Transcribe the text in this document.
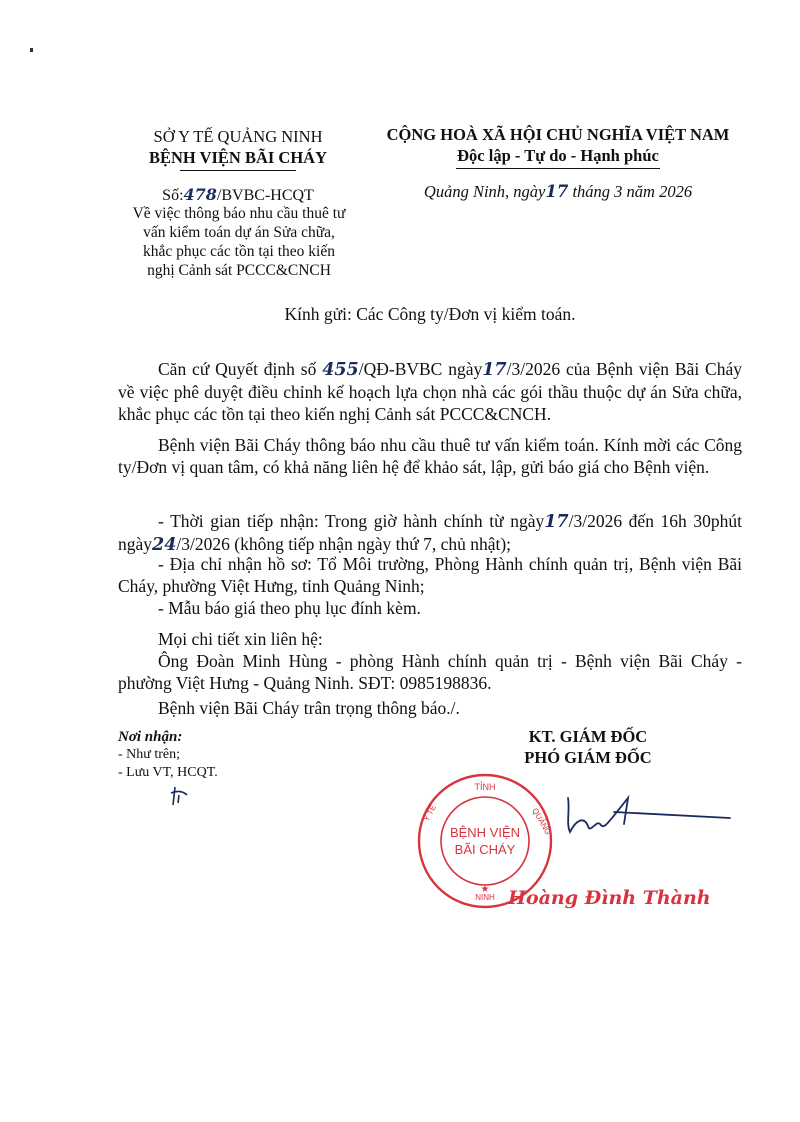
SỞ Y TẾ QUẢNG NINH
BỆNH VIỆN BÃI CHÁY
Số:478/BVBC-HCQT
Về việc thông báo nhu cầu thuê tư vấn kiểm toán dự án Sửa chữa, khắc phục các tồn tại theo kiến nghị Cảnh sát PCCC&CNCH
CỘNG HOÀ XÃ HỘI CHỦ NGHĨA VIỆT NAM
Độc lập - Tự do - Hạnh phúc
Quảng Ninh, ngày17 tháng 3 năm 2026
Kính gửi: Các Công ty/Đơn vị kiểm toán.
Căn cứ Quyết định số 455/QĐ-BVBC ngày17/3/2026 của Bệnh viện Bãi Cháy về việc phê duyệt điều chỉnh kế hoạch lựa chọn nhà các gói thầu thuộc dự án Sửa chữa, khắc phục các tồn tại theo kiến nghị Cảnh sát PCCC&CNCH.
Bệnh viện Bãi Cháy thông báo nhu cầu thuê tư vấn kiểm toán. Kính mời các Công ty/Đơn vị quan tâm, có khả năng liên hệ để khảo sát, lập, gửi báo giá cho Bệnh viện.
- Thời gian tiếp nhận: Trong giờ hành chính từ ngày17/3/2026 đến 16h 30phút ngày24/3/2026 (không tiếp nhận ngày thứ 7, chủ nhật);
- Địa chỉ nhận hồ sơ: Tổ Môi trường, Phòng Hành chính quản trị, Bệnh viện Bãi Cháy, phường Việt Hưng, tỉnh Quảng Ninh;
- Mẫu báo giá theo phụ lục đính kèm.
Mọi chi tiết xin liên hệ:
Ông Đoàn Minh Hùng - phòng Hành chính quản trị - Bệnh viện Bãi Cháy - phường Việt Hưng - Quảng Ninh. SĐT: 0985198836.
Bệnh viện Bãi Cháy trân trọng thông báo./.
Nơi nhận:
- Như trên;
- Lưu VT, HCQT.
KT. GIÁM ĐỐC
PHÓ GIÁM ĐỐC
TỈNH
Y TẾ	QUẢNG
NINH
BỆNH VIỆN
BÃI CHÁY
★ Hoàng Đình Thành
